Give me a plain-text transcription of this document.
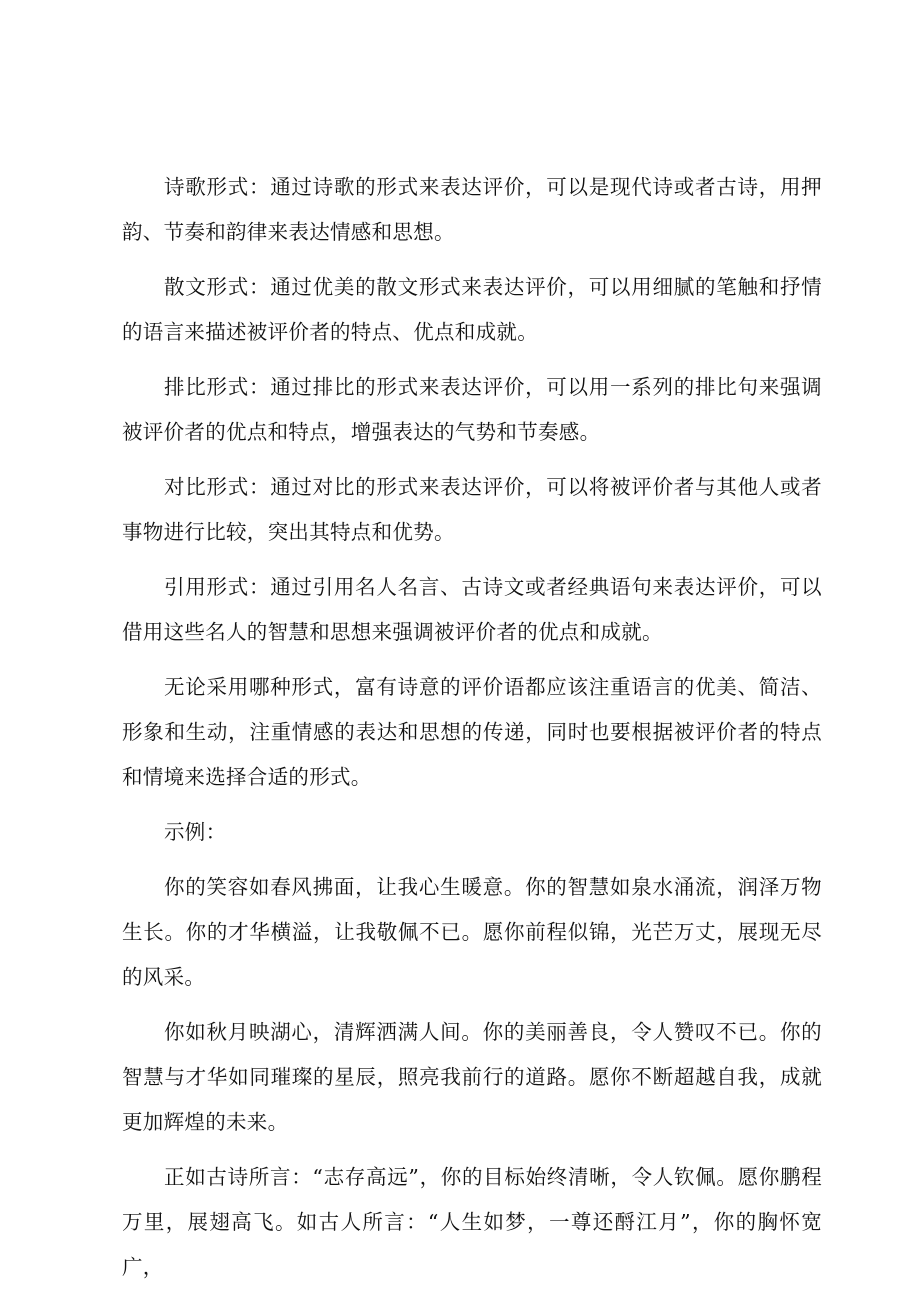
诗歌形式：通过诗歌的形式来表达评价，可以是现代诗或者古诗，用押韵、节奏和韵律来表达情感和思想。

散文形式：通过优美的散文形式来表达评价，可以用细腻的笔触和抒情的语言来描述被评价者的特点、优点和成就。

排比形式：通过排比的形式来表达评价，可以用一系列的排比句来强调被评价者的优点和特点，增强表达的气势和节奏感。

对比形式：通过对比的形式来表达评价，可以将被评价者与其他人或者事物进行比较，突出其特点和优势。

引用形式：通过引用名人名言、古诗文或者经典语句来表达评价，可以借用这些名人的智慧和思想来强调被评价者的优点和成就。

无论采用哪种形式，富有诗意的评价语都应该注重语言的优美、简洁、形象和生动，注重情感的表达和思想的传递，同时也要根据被评价者的特点和情境来选择合适的形式。

示例：

你的笑容如春风拂面，让我心生暖意。你的智慧如泉水涌流，润泽万物生长。你的才华横溢，让我敬佩不已。愿你前程似锦，光芒万丈，展现无尽的风采。

你如秋月映湖心，清辉洒满人间。你的美丽善良，令人赞叹不已。你的智慧与才华如同璀璨的星辰，照亮我前行的道路。愿你不断超越自我，成就更加辉煌的未来。

正如古诗所言：“志存高远”，你的目标始终清晰，令人钦佩。愿你鹏程万里，展翅高飞。如古人所言：“人生如梦，一尊还酹江月”，你的胸怀宽广，
